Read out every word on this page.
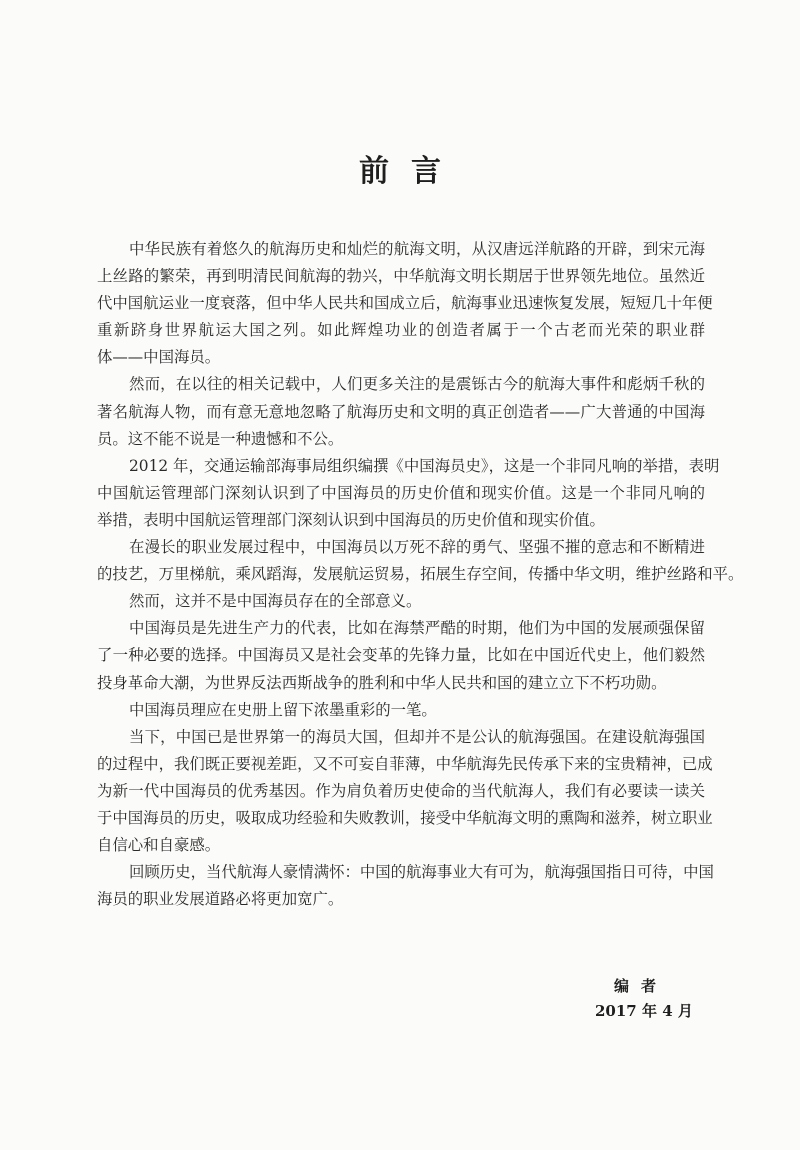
前言
中华民族有着悠久的航海历史和灿烂的航海文明，从汉唐远洋航路的开辟，到宋元海
上丝路的繁荣，再到明清民间航海的勃兴，中华航海文明长期居于世界领先地位。虽然近
代中国航运业一度衰落，但中华人民共和国成立后，航海事业迅速恢复发展，短短几十年便
重新跻身世界航运大国之列。如此辉煌功业的创造者属于一个古老而光荣的职业群
体——中国海员。
然而，在以往的相关记载中，人们更多关注的是震铄古今的航海大事件和彪炳千秋的
著名航海人物，而有意无意地忽略了航海历史和文明的真正创造者——广大普通的中国海
员。这不能不说是一种遗憾和不公。
2012 年，交通运输部海事局组织编撰《中国海员史》，这是一个非同凡响的举措，表明
中国航运管理部门深刻认识到了中国海员的历史价值和现实价值。这是一个非同凡响的
举措，表明中国航运管理部门深刻认识到中国海员的历史价值和现实价值。
在漫长的职业发展过程中，中国海员以万死不辞的勇气、坚强不摧的意志和不断精进
的技艺，万里梯航，乘风蹈海，发展航运贸易，拓展生存空间，传播中华文明，维护丝路和平。
然而，这并不是中国海员存在的全部意义。
中国海员是先进生产力的代表，比如在海禁严酷的时期，他们为中国的发展顽强保留
了一种必要的选择。中国海员又是社会变革的先锋力量，比如在中国近代史上，他们毅然
投身革命大潮，为世界反法西斯战争的胜利和中华人民共和国的建立立下不朽功勋。
中国海员理应在史册上留下浓墨重彩的一笔。
当下，中国已是世界第一的海员大国，但却并不是公认的航海强国。在建设航海强国
的过程中，我们既正要视差距，又不可妄自菲薄，中华航海先民传承下来的宝贵精神，已成
为新一代中国海员的优秀基因。作为肩负着历史使命的当代航海人，我们有必要读一读关
于中国海员的历史，吸取成功经验和失败教训，接受中华航海文明的熏陶和滋养，树立职业
自信心和自豪感。
回顾历史，当代航海人豪情满怀：中国的航海事业大有可为，航海强国指日可待，中国
海员的职业发展道路必将更加宽广。
编者
2017 年 4 月
